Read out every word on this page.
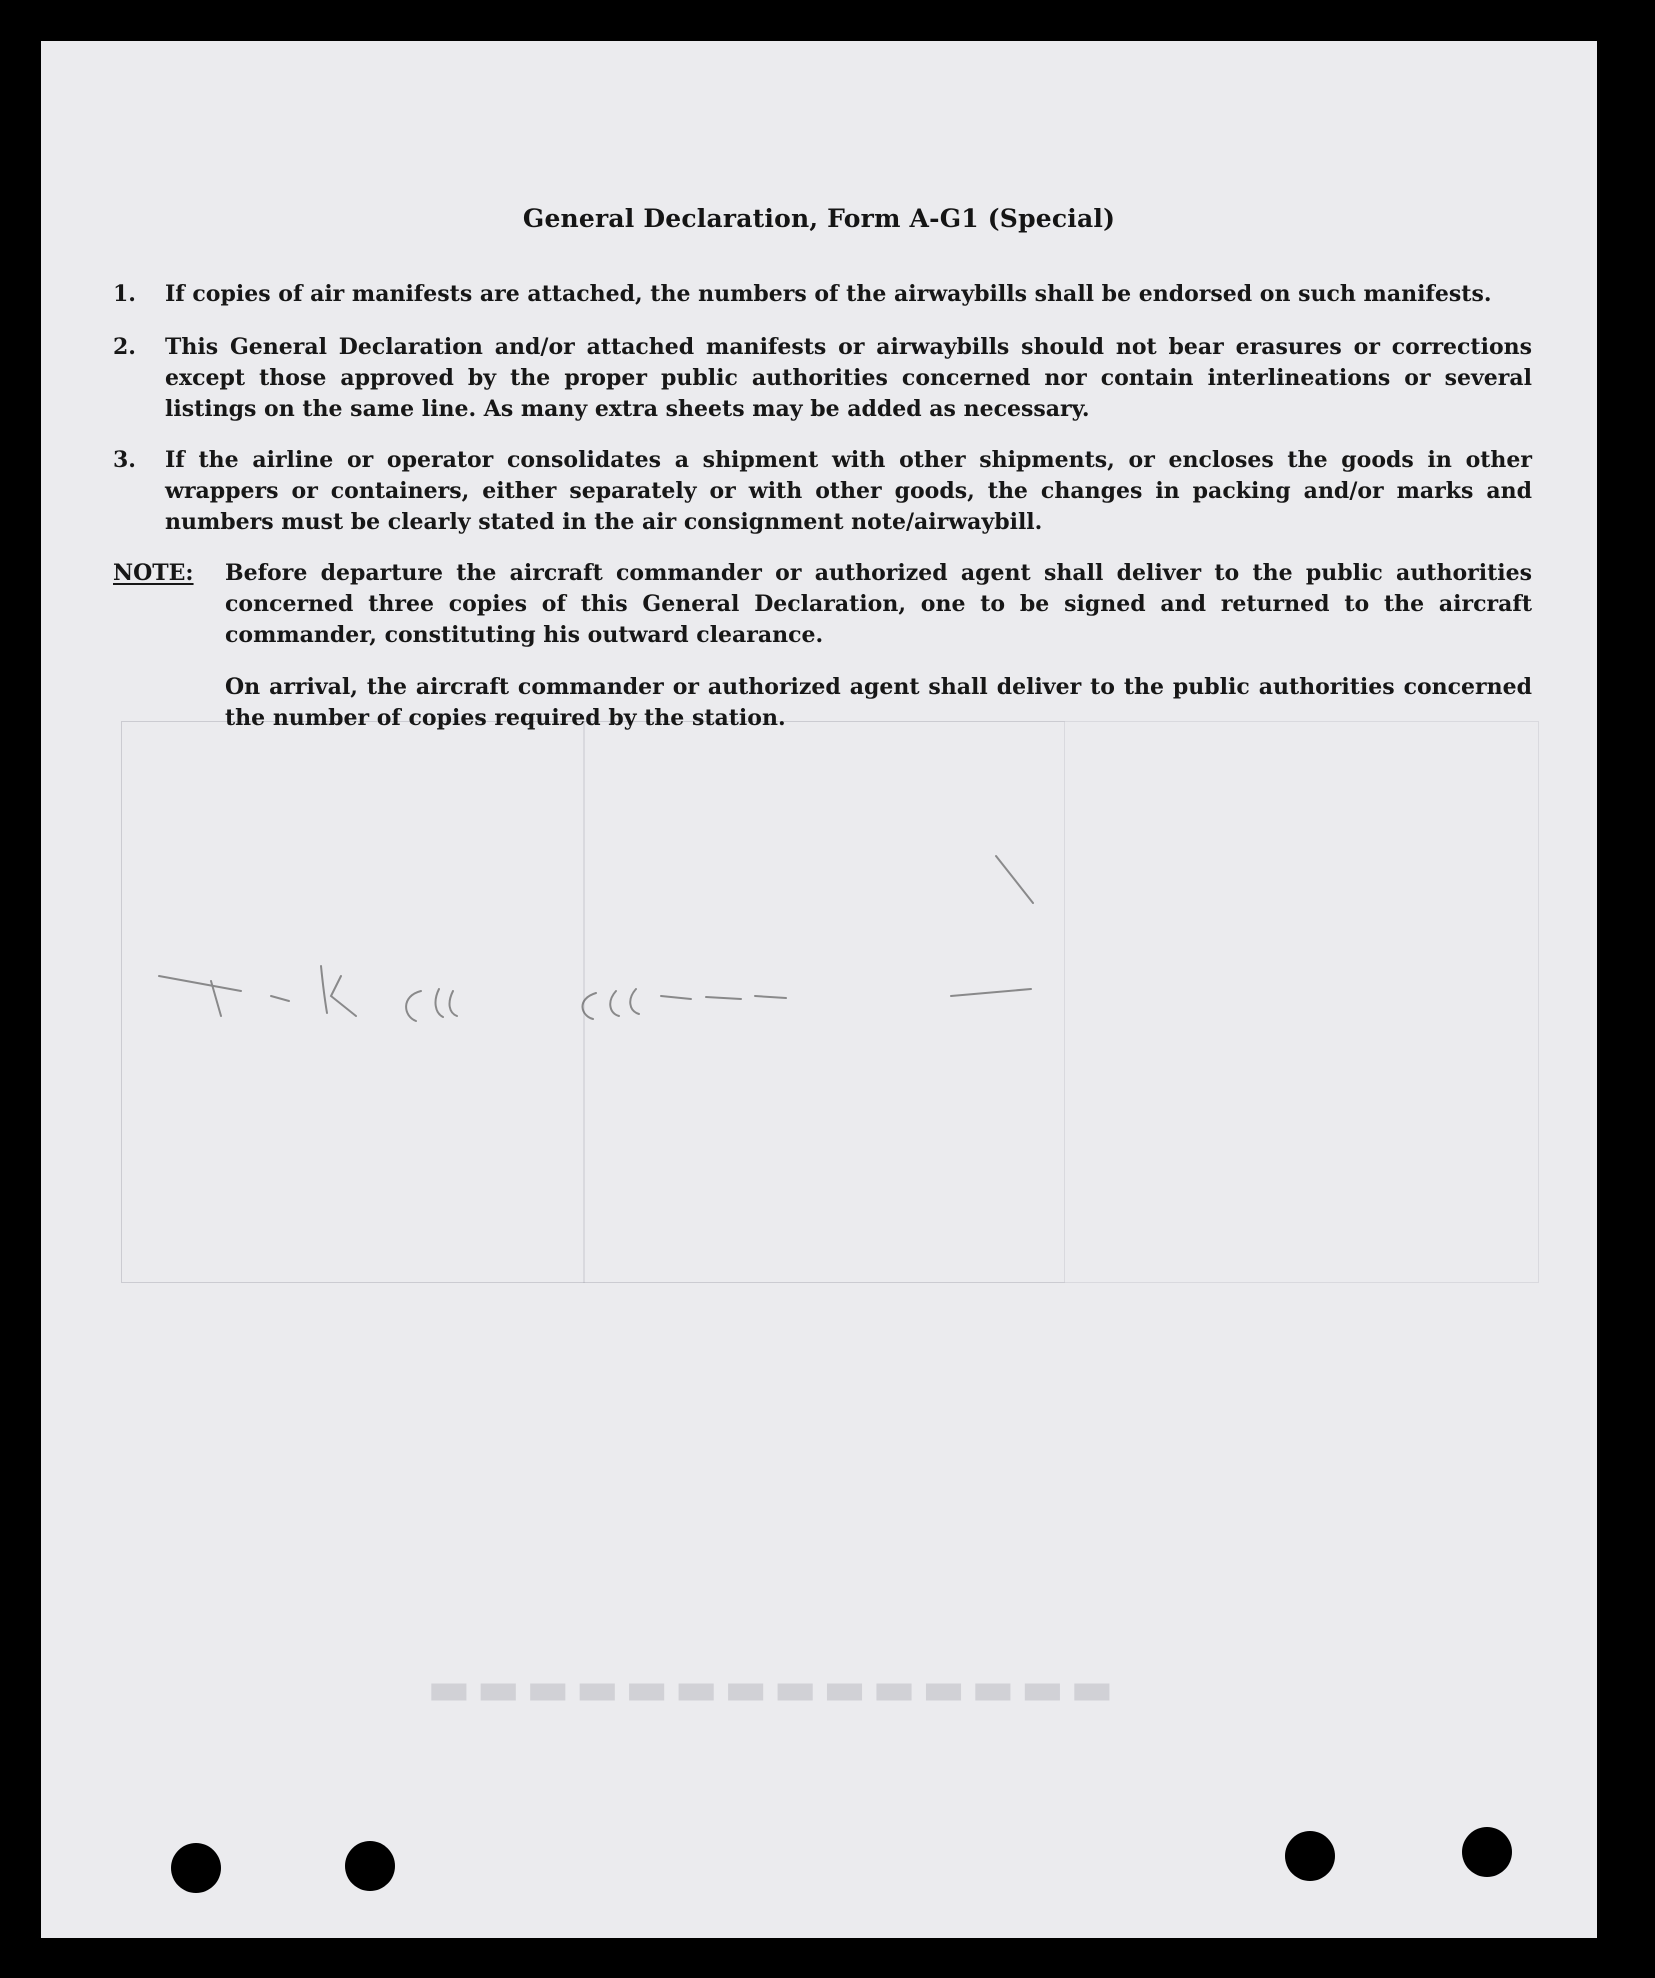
▬▬▬▬▬▬▬▬▬▬▬▬▬▬
General Declaration, Form A-G1 (Special)
1.	If copies of air manifests are attached, the numbers of the airwaybills shall be endorsed on such manifests.
2.	This General Declaration and/or attached manifests or airwaybills should not bear erasures or corrections except those approved by the proper public authorities concerned nor contain interlineations or several listings on the same line. As many extra sheets may be added as necessary.
3.	If the airline or operator consolidates a shipment with other shipments, or encloses the goods in other wrappers or containers, either separately or with other goods, the changes in packing and/or marks and numbers must be clearly stated in the air consignment note/airwaybill.
NOTE:	Before departure the aircraft commander or authorized agent shall deliver to the public authorities concerned three copies of this General Declaration, one to be signed and returned to the aircraft commander, constituting his outward clearance.
On arrival, the aircraft commander or authorized agent shall deliver to the public authorities concerned the number of copies required by the station.
